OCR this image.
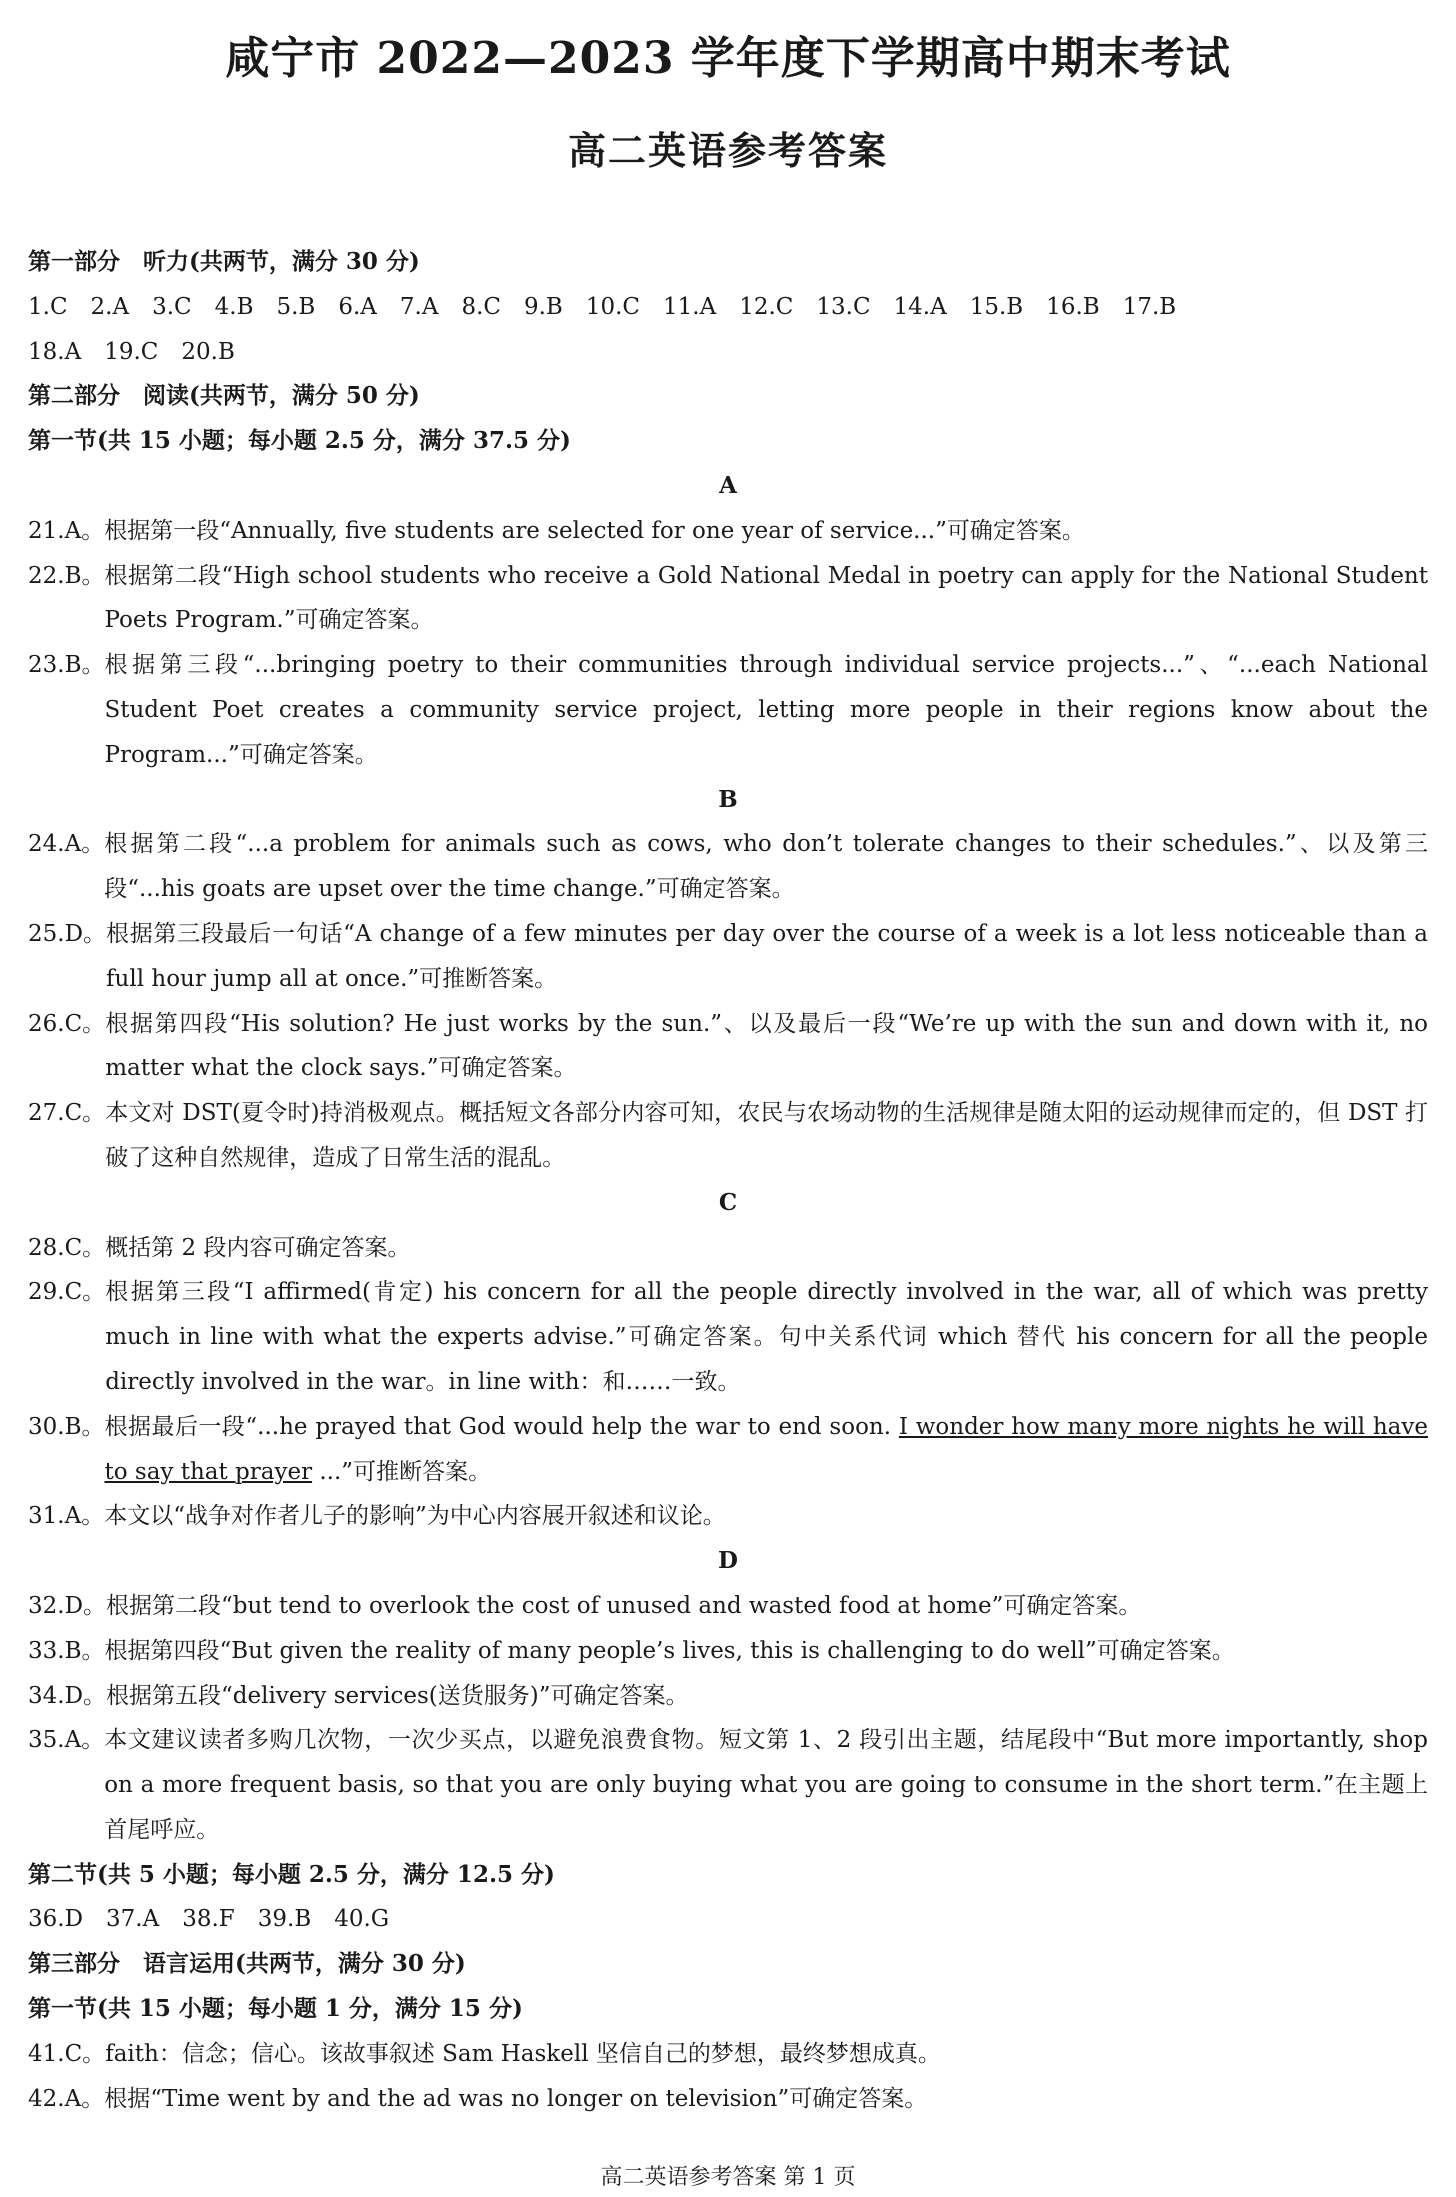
咸宁市 2022—2023 学年度下学期高中期末考试
高二英语参考答案
第一部分　听力(共两节，满分 30 分)
1.C　2.A　3.C　4.B　5.B　6.A　7.A　8.C　9.B　10.C　11.A　12.C　13.C　14.A　15.B　16.B　17.B
18.A　19.C　20.B
第二部分　阅读(共两节，满分 50 分)
第一节(共 15 小题；每小题 2.5 分，满分 37.5 分)
A
21.A。 根据第一段“Annually, five students are selected for one year of service...”可确定答案。
22.B。 根据第二段“High school students who receive a Gold National Medal in poetry can apply for the National Student Poets Program.”可确定答案。
23.B。 根据第三段“...bringing poetry to their communities through individual service projects...”、“...each National Student Poet creates a community service project, letting more people in their regions know about the Program...”可确定答案。
B
24.A。 根据第二段“...a problem for animals such as cows, who don’t tolerate changes to their schedules.”、以及第三段“...his goats are upset over the time change.”可确定答案。
25.D。 根据第三段最后一句话“A change of a few minutes per day over the course of a week is a lot less noticeable than a full hour jump all at once.”可推断答案。
26.C。 根据第四段“His solution? He just works by the sun.”、以及最后一段“We’re up with the sun and down with it, no matter what the clock says.”可确定答案。
27.C。 本文对 DST(夏令时)持消极观点。概括短文各部分内容可知，农民与农场动物的生活规律是随太阳的运动规律而定的，但 DST 打破了这种自然规律，造成了日常生活的混乱。
C
28.C。 概括第 2 段内容可确定答案。
29.C。 根据第三段“I affirmed(肯定) his concern for all the people directly involved in the war, all of which was pretty much in line with what the experts advise.”可确定答案。句中关系代词 which 替代 his concern for all the people directly involved in the war。in line with：和……一致。
30.B。 根据最后一段“...he prayed that God would help the war to end soon. I wonder how many more nights he will have to say that prayer ...”可推断答案。
31.A。 本文以“战争对作者儿子的影响”为中心内容展开叙述和议论。
D
32.D。 根据第二段“but tend to overlook the cost of unused and wasted food at home”可确定答案。
33.B。 根据第四段“But given the reality of many people’s lives, this is challenging to do well”可确定答案。
34.D。 根据第五段“delivery services(送货服务)”可确定答案。
35.A。 本文建议读者多购几次物，一次少买点，以避免浪费食物。短文第 1、2 段引出主题，结尾段中“But more importantly, shop on a more frequent basis, so that you are only buying what you are going to consume in the short term.”在主题上首尾呼应。
第二节(共 5 小题；每小题 2.5 分，满分 12.5 分)
36.D　37.A　38.F　39.B　40.G
第三部分　语言运用(共两节，满分 30 分)
第一节(共 15 小题；每小题 1 分，满分 15 分)
41.C。 faith：信念；信心。该故事叙述 Sam Haskell 坚信自己的梦想，最终梦想成真。
42.A。 根据“Time went by and the ad was no longer on television”可确定答案。
高二英语参考答案 第 1 页
